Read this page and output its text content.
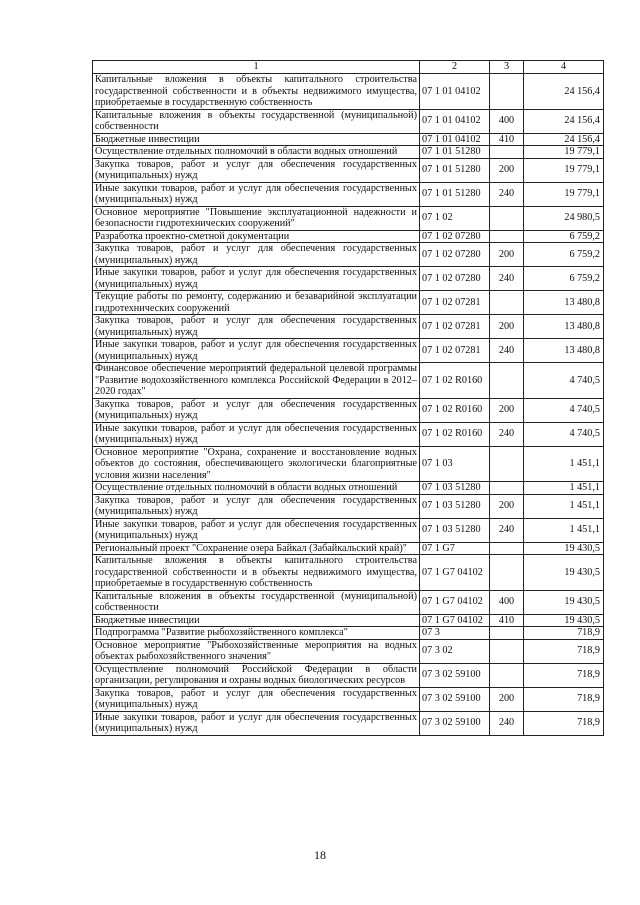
1	2	3	4
Капитальные вложения в объекты капитального строительства государственной собственности и в объекты недвижимого имущества, приобретаемые в государственную собственность	07 1 01 04102		24 156,4
Капитальные вложения в объекты государственной (муниципальной) собственности	07 1 01 04102	400	24 156,4
Бюджетные инвестиции	07 1 01 04102	410	24 156,4
Осуществление отдельных полномочий в области водных отношений	07 1 01 51280		19 779,1
Закупка товаров, работ и услуг для обеспечения государственных (муниципальных) нужд	07 1 01 51280	200	19 779,1
Иные закупки товаров, работ и услуг для обеспечения государственных (муниципальных) нужд	07 1 01 51280	240	19 779,1
Основное мероприятие "Повышение эксплуатационной надежности и безопасности гидротехнических сооружений"	07 1 02		24 980,5
Разработка проектно-сметной документации	07 1 02 07280		6 759,2
Закупка товаров, работ и услуг для обеспечения государственных (муниципальных) нужд	07 1 02 07280	200	6 759,2
Иные закупки товаров, работ и услуг для обеспечения государственных (муниципальных) нужд	07 1 02 07280	240	6 759,2
Текущие работы по ремонту, содержанию и безаварийной эксплуатации гидротехнических сооружений	07 1 02 07281		13 480,8
Закупка товаров, работ и услуг для обеспечения государственных (муниципальных) нужд	07 1 02 07281	200	13 480,8
Иные закупки товаров, работ и услуг для обеспечения государственных (муниципальных) нужд	07 1 02 07281	240	13 480,8
Финансовое обеспечение мероприятий федеральной целевой программы "Развитие водохозяйственного комплекса Российской Федерации в 2012–2020 годах"	07 1 02 R0160		4 740,5
Закупка товаров, работ и услуг для обеспечения государственных (муниципальных) нужд	07 1 02 R0160	200	4 740,5
Иные закупки товаров, работ и услуг для обеспечения государственных (муниципальных) нужд	07 1 02 R0160	240	4 740,5
Основное мероприятие "Охрана, сохранение и восстановление водных объектов до состояния, обеспечивающего экологически благоприятные условия жизни населения"	07 1 03		1 451,1
Осуществление отдельных полномочий в области водных отношений	07 1 03 51280		1 451,1
Закупка товаров, работ и услуг для обеспечения государственных (муниципальных) нужд	07 1 03 51280	200	1 451,1
Иные закупки товаров, работ и услуг для обеспечения государственных (муниципальных) нужд	07 1 03 51280	240	1 451,1
Региональный проект "Сохранение озера Байкал (Забайкальский край)"	07 1 G7		19 430,5
Капитальные вложения в объекты капитального строительства государственной собственности и в объекты недвижимого имущества, приобретаемые в государственную собственность	07 1 G7 04102		19 430,5
Капитальные вложения в объекты государственной (муниципальной) собственности	07 1 G7 04102	400	19 430,5
Бюджетные инвестиции	07 1 G7 04102	410	19 430,5
Подпрограмма "Развитие рыбохозяйственного комплекса"	07 3		718,9
Основное мероприятие "Рыбохозяйственные мероприятия на водных объектах рыбохозяйственного значения"	07 3 02		718,9
Осуществление полномочий Российской Федерации в области организации, регулирования и охраны водных биологических ресурсов	07 3 02 59100		718,9
Закупка товаров, работ и услуг для обеспечения государственных (муниципальных) нужд	07 3 02 59100	200	718,9
Иные закупки товаров, работ и услуг для обеспечения государственных (муниципальных) нужд	07 3 02 59100	240	718,9
18
